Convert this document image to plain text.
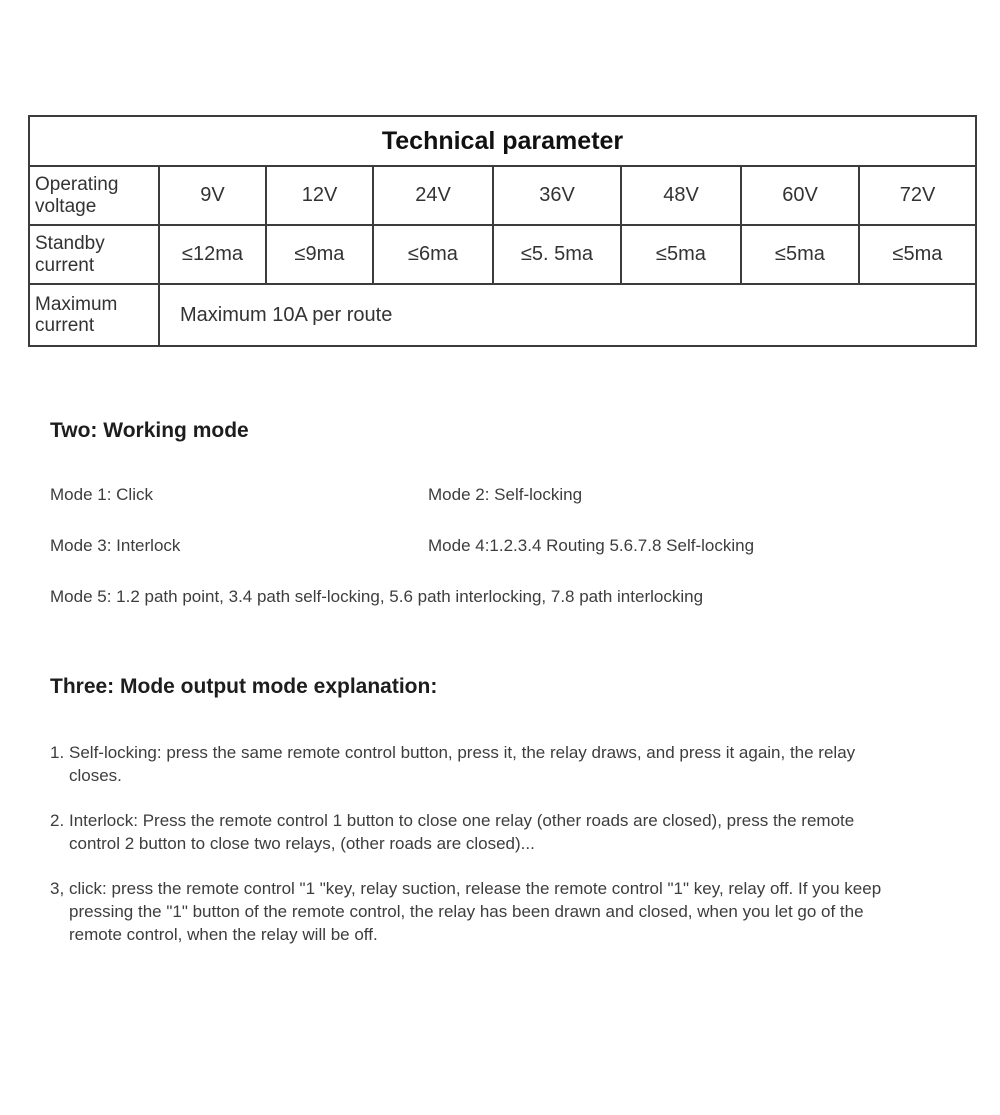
Technical parameter							

Operating
voltage	9V	12V	24V	36V	48V	60V	72V

Standby
current	≤12ma	≤9ma	≤6ma	≤5. 5ma	≤5ma	≤5ma	≤5ma

Maximum
current	Maximum 10A per route						
Two: Working mode
Mode 1: Click	Mode 2: Self-locking
Mode 3: Interlock	Mode 4:1.2.3.4 Routing 5.6.7.8 Self-locking
Mode 5: 1.2 path point, 3.4 path self-locking, 5.6 path interlocking, 7.8 path interlocking
Three: Mode output mode explanation:
1. Self-locking: press the same remote control button, press it, the relay draws, and press it again, the relay closes.
2. Interlock: Press the remote control 1 button to close one relay (other roads are closed), press the remote control 2 button to close two relays, (other roads are closed)...
3, click: press the remote control "1 "key, relay suction, release the remote control "1" key, relay off. If you keep pressing the "1" button of the remote control, the relay has been drawn and closed, when you let go of the remote control, when the relay will be off.
